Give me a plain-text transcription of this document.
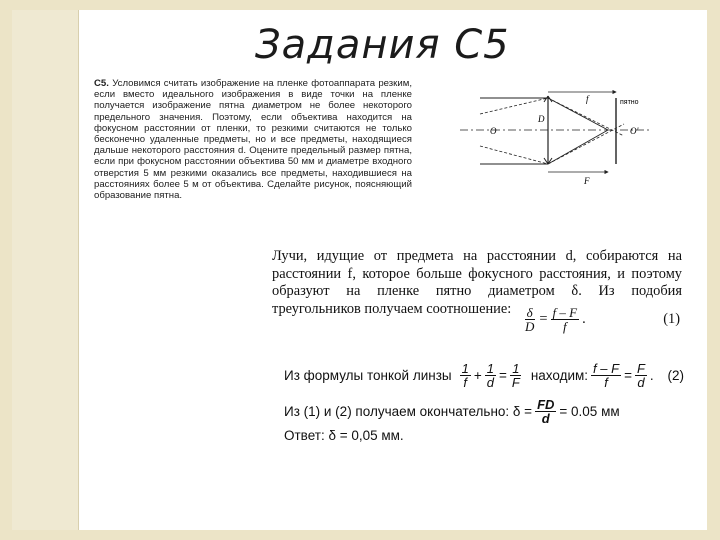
Задания С5
С5. Условимся считать изображение на пленке фотоаппарата резким, если вместо идеального изображения в виде точки на пленке получается изображение пятна диаметром не более некоторого предельного значения. Поэтому, если объектива находится на фокусном расстоянии от пленки, то резкими считаются не только бесконечно удаленные предметы, но и все предметы, находящиеся дальше некоторого расстояния d. Оцените предельный размер пятна, если при фокусном расстоянии объектива 50 мм и диаметре входного отверстия 5 мм резкими оказались все предметы, находившиеся на расстояниях более 5 м от объектива. Сделайте рисунок, поясняющий образование пятна.
f
F
D
O	O'
пятно
Лучи, идущие от предмета на расстоянии d, собираются на расстоянии f, которое больше фокусного расстояния, и поэтому образуют на пленке пятно диаметром δ. Из подобия треугольников получаем соотношение: $\frac{\delta}{D} = \frac{f - F}{f}$ .	(1)
Из формулы тонкой линзы $\frac{1}{f} + \frac{1}{d} = \frac{1}{F}$ находим: $\frac{f - F}{f} = \frac{F}{d}$ . (2)
Из (1) и (2) получаем окончательно: $\delta = \frac{FD}{d} = 0.05$ мм
Ответ: δ = 0,05 мм.
